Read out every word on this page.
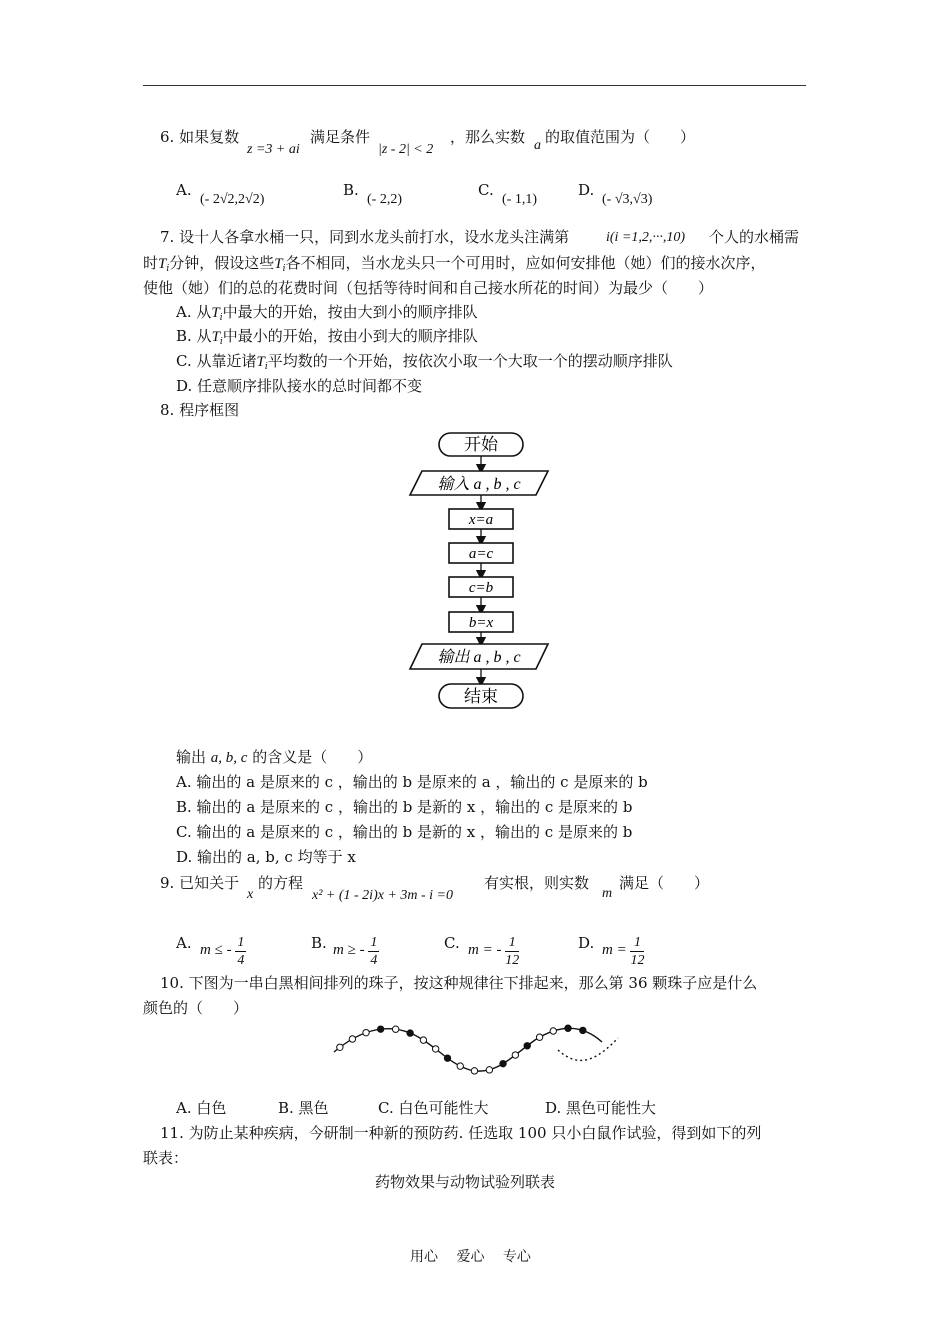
6. 如果复数
z =3 + ai
满足条件
|z - 2| < 2
，那么实数 a 的取值范围为（　　）
A.
(- 2√2,2√2)
B.
(- 2,2)
C.
(- 1,1)
D.
(- √3,√3)
7. 设十人各拿水桶一只，同到水龙头前打水，设水龙头注满第	i(i =1,2,···,10) 个人的水桶需
时$T_i$分钟，假设这些$T_i$各不相同，当水龙头只一个可用时，应如何安排他（她）们的接水次序，
使他（她）们的总的花费时间（包括等待时间和自己接水所花的时间）为最少（　　）
A. 从$T_i$中最大的开始，按由大到小的顺序排队
B. 从$T_i$中最小的开始，按由小到大的顺序排队
C. 从靠近诸$T_i$平均数的一个开始，按依次小取一个大取一个的摆动顺序排队
D. 任意顺序排队接水的总时间都不变
8. 程序框图
开始
输入 a , b , c
x=a
a=c
c=b
b=x
输出 a , b , c
结束
输出 a, b, c 的含义是（　　）
A. 输出的 a 是原来的 c ，输出的 b 是原来的 a ，输出的 c 是原来的 b
B. 输出的 a 是原来的 c ，输出的 b 是新的 x ，输出的 c 是原来的 b
C. 输出的 a 是原来的 c ，输出的 b 是新的 x ，输出的 c 是原来的 b
D. 输出的 a, b, c 均等于 x
9. 已知关于
x
的方程
x² + (1 - 2i)x + 3m - i =0
有实根，则实数
m
满足（　　）
A. m ≤ - $\frac{1}{4}$	B. m ≥ - $\frac{1}{4}$	C. m = - $\frac{1}{12}$	D. $m = \frac{1}{12}$
10. 下图为一串白黑相间排列的珠子，按这种规律往下排起来，那么第 36 颗珠子应是什么
颜色的（　　）
A. 白色	B. 黑色	C. 白色可能性大	D. 黑色可能性大
11. 为防止某种疾病，今研制一种新的预防药. 任选取 100 只小白鼠作试验，得到如下的列
联表：
药物效果与动物试验列联表
用心　 爱心　 专心
